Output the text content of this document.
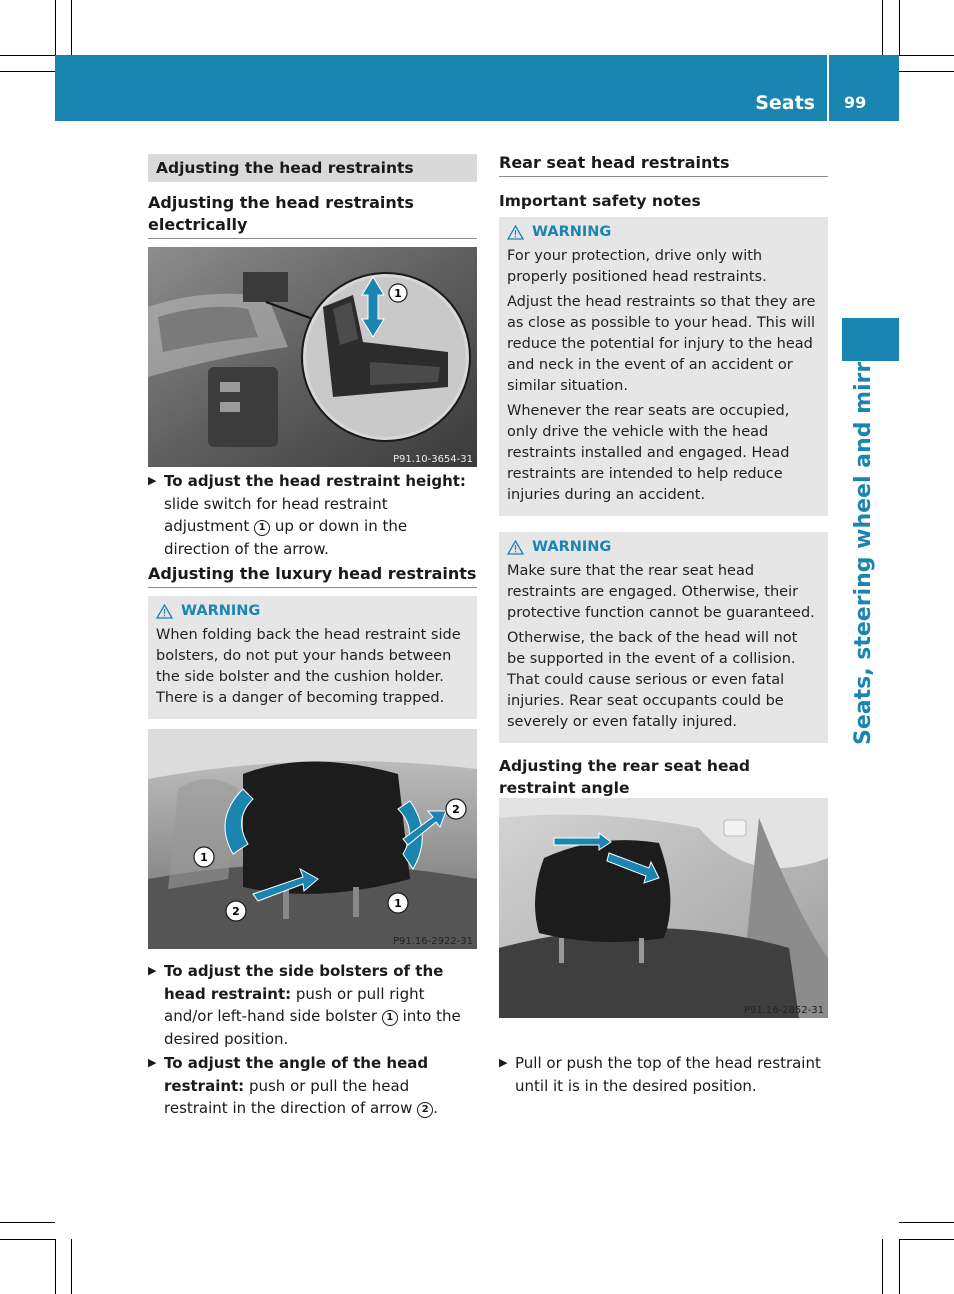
Seats 99
Seats, steering wheel and mirrors
Adjusting the head restraints
Adjusting the head restraints electrically
1
P91.10-3654-31
▶ To adjust the head restraint height: slide switch for head restraint adjustment 1 up or down in the direction of the arrow.
Adjusting the luxury head restraints
WARNING

When folding back the head restraint side bolsters, do not put your hands between the side bolster and the cushion holder. There is a danger of becoming trapped.

1
1
2
2
P91.16-2922-31
▶ To adjust the side bolsters of the head restraint: push or pull right and/or left-hand side bolster 1 into the desired position.
▶ To adjust the angle of the head restraint: push or pull the head restraint in the direction of arrow 2 .
Rear seat head restraints
Important safety notes
WARNING

For your protection, drive only with properly positioned head restraints.

Adjust the head restraints so that they are as close as possible to your head. This will reduce the potential for injury to the head and neck in the event of an accident or similar situation.

Whenever the rear seats are occupied, only drive the vehicle with the head restraints installed and engaged. Head restraints are intended to help reduce injuries during an accident.

WARNING

Make sure that the rear seat head restraints are engaged. Otherwise, their protective function cannot be guaranteed.

Otherwise, the back of the head will not be supported in the event of a collision. That could cause serious or even fatal injuries. Rear seat occupants could be severely or even fatally injured.

Adjusting the rear seat head restraint angle
P91.16-2852-31
▶ Pull or push the top of the head restraint until it is in the desired position.
